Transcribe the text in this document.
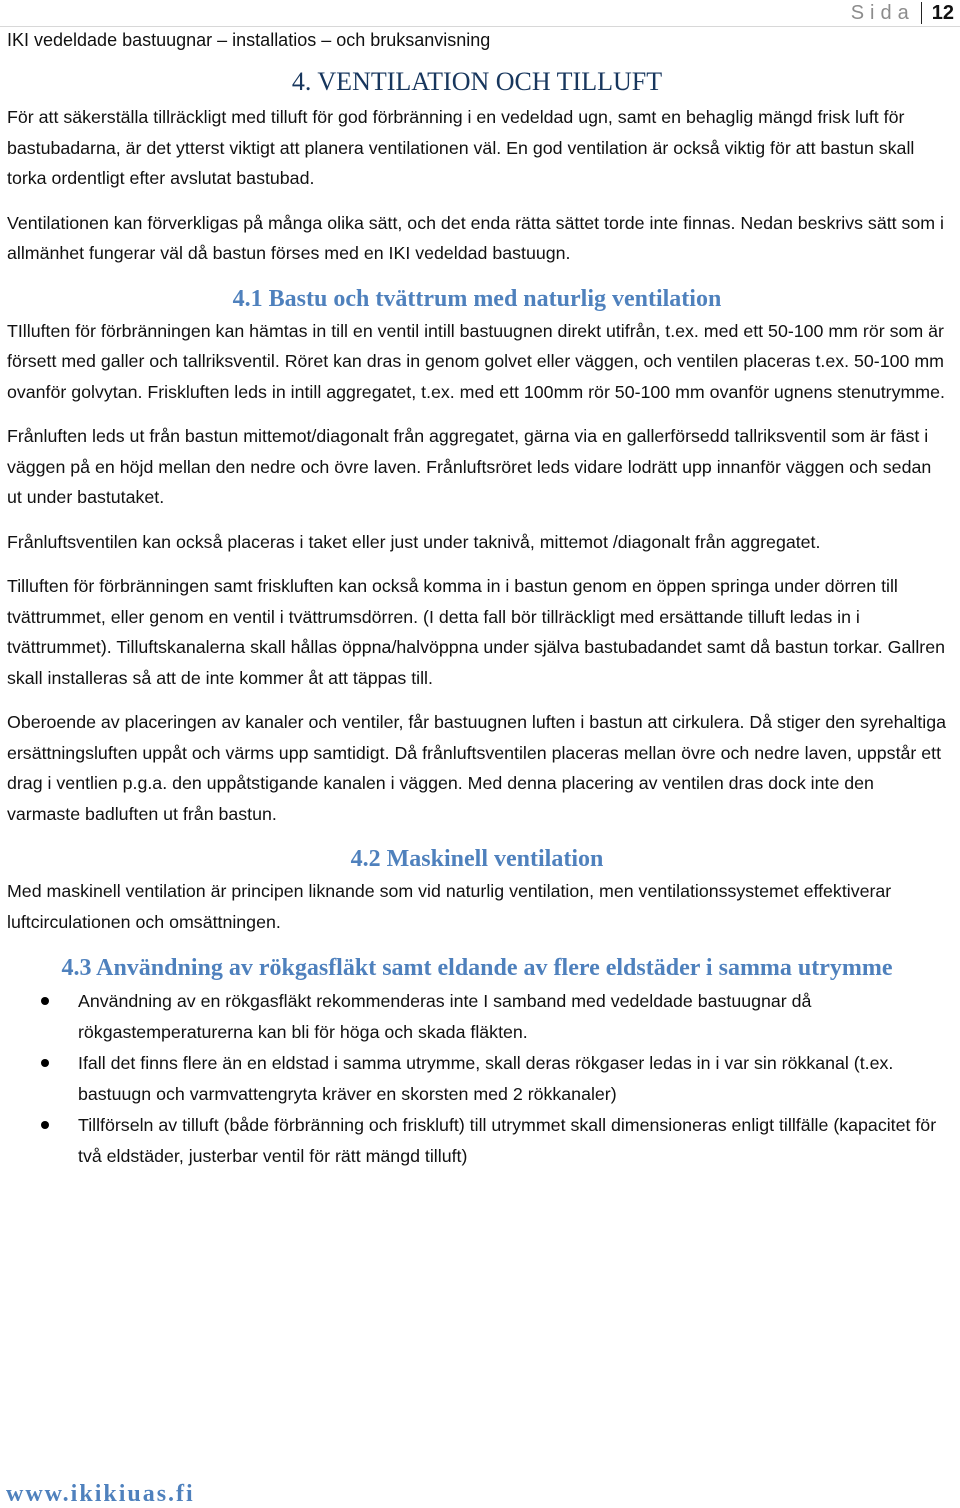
Sida 12
IKI vedeldade bastuugnar – installatios – och bruksanvisning
4. VENTILATION OCH TILLUFT

För att säkerställa tillräckligt med tilluft för god förbränning i en vedeldad ugn, samt en behaglig mängd frisk luft för bastubadarna, är det ytterst viktigt att planera ventilationen väl. En god ventilation är också viktig för att bastun skall torka ordentligt efter avslutat bastubad.

Ventilationen kan förverkligas på många olika sätt, och det enda rätta sättet torde inte finnas. Nedan beskrivs sätt som i allmänhet fungerar väl då bastun förses med en IKI vedeldad bastuugn.

4.1 Bastu och tvättrum med naturlig ventilation

TIlluften för förbränningen kan hämtas in till en ventil intill bastuugnen direkt utifrån, t.ex. med ett 50-100 mm rör som är försett med galler och tallriksventil. Röret kan dras in genom golvet eller väggen, och ventilen placeras t.ex. 50-100 mm ovanför golvytan. Friskluften leds in intill aggregatet, t.ex. med ett 100mm rör 50-100 mm ovanför ugnens stenutrymme.

Frånluften leds ut från bastun mittemot/diagonalt från aggregatet, gärna via en gallerförsedd tallriksventil som är fäst i väggen på en höjd mellan den nedre och övre laven. Frånluftsröret leds vidare lodrätt upp innanför väggen och sedan ut under bastutaket.

Frånluftsventilen kan också placeras i taket eller just under taknivå, mittemot /diagonalt från aggregatet.

Tilluften för förbränningen samt friskluften kan också komma in i bastun genom en öppen springa under dörren till tvättrummet, eller genom en ventil i tvättrumsdörren. (I detta fall bör tillräckligt med ersättande tilluft ledas in i tvättrummet). Tilluftskanalerna skall hållas öppna/halvöppna under själva bastubadandet samt då bastun torkar. Gallren skall installeras så att de inte kommer åt att täppas till.

Oberoende av placeringen av kanaler och ventiler, får bastuugnen luften i bastun att cirkulera. Då stiger den syrehaltiga ersättningsluften uppåt och värms upp samtidigt. Då frånluftsventilen placeras mellan övre och nedre laven, uppstår ett drag i ventlien p.g.a. den uppåtstigande kanalen i väggen. Med denna placering av ventilen dras dock inte den varmaste badluften ut från bastun.

4.2 Maskinell ventilation

Med maskinell ventilation är principen liknande som vid naturlig ventilation, men ventilationssystemet effektiverar luftcirculationen och omsättningen.

4.3 Användning av rökgasfläkt samt eldande av flere eldstäder i samma utrymme
Användning av en rökgasfläkt rekommenderas inte I samband med vedeldade bastuugnar då rökgastemperaturerna kan bli för höga och skada fläkten.
Ifall det finns flere än en eldstad i samma utrymme, skall deras rökgaser ledas in i var sin rökkanal (t.ex. bastuugn och varmvattengryta kräver en skorsten med 2 rökkanaler)
Tillförseln av tilluft (både förbränning och friskluft) till utrymmet skall dimensioneras enligt tillfälle (kapacitet för två eldstäder, justerbar ventil för rätt mängd tilluft)
www.ikikiuas.fi
